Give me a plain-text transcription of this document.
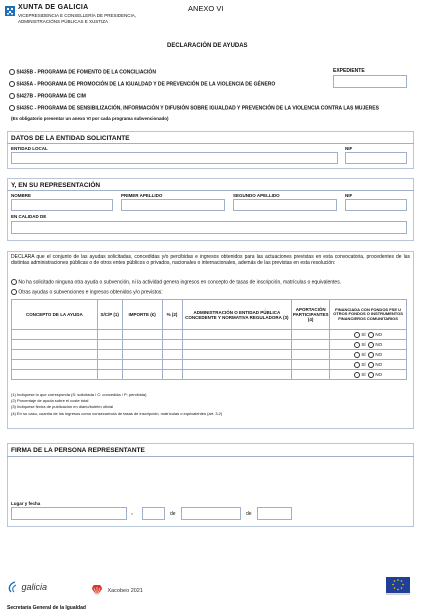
XUNTA DE GALICIA
VICEPRESIDENCIA E CONSELLERÍA DE PRESIDENCIA,
ADMINISTRACIÓNS PÚBLICAS E XUSTIZA
ANEXO VI
DECLARACIÓN DE AYUDAS
SI435B - PROGRAMA DE FOMENTO DE LA CONCILIACIÓN
SI435A - PROGRAMA DE PROMOCIÓN DE LA IGUALDAD Y DE PREVENCIÓN DE LA VIOLENCIA DE GÉNERO
SI427B - PROGRAMA DE CIM
SI435C - PROGRAMA DE SENSIBILIZACIÓN, INFORMACIÓN Y DIFUSIÓN SOBRE IGUALDAD Y PREVENCIÓN DE LA VIOLENCIA CONTRA LAS MUJERES
(Es obligatorio presentar un anexo VI por cada programa subvencionado)
EXPEDIENTE
DATOS DE LA ENTIDAD SOLICITANTE
ENTIDAD LOCAL	NIF
Y, EN SU REPRESENTACIÓN
NOMBRE	PRIMER APELLIDO	SEGUNDO APELLIDO	NIF
EN CALIDAD DE
DECLARA que el conjunto de las ayudas solicitadas, concedidas y/o percibidas e ingresos obtenidos para las actuaciones previstas en esta convocatoria, procedentes de las distintas administraciones públicas o de otros entes públicos o privados, nacionales o internacionales, además de las previstas en esta resolución:
No ha solicitado ninguna otra ayuda o subvención, ni la actividad genera ingresos en concepto de tasas de inscripción, matrículas o equivalentes.
Otras ayudas o subvenciones e ingresos obtenidos y/o previstos:
CONCEPTO DE LA AYUDA	S/C/P (1)	IMPORTE (€)	% (2)	ADMINISTRACIÓN O ENTIDAD PÚBLICA CONCEDENTE Y NORMATIVA REGULADORA (3)	APORTACIÓN PARTICIPANTES (4)	FINANCIADA CON FONDOS FSE U OTROS FONDOS O INSTRUMENTOS FINANCIEROS COMUNITARIOS
						SÍ NO
						SÍ NO
						SÍ NO
						SÍ NO
						SÍ NO
(1) Indíquese lo que corresponda (S: solicitada / C: concedida / P: percibida)
(2) Porcentaje de ayuda sobre el coste total
(3) Indíquese fecha de publicación en diario/boletín oficial
(4) En su caso, cuantía de los ingresos como consecuencia de tasas de inscripción, matrículas o equivalentes (art. 3.2)
FIRMA DE LA PERSONA REPRESENTANTE
Lugar y fecha
,	de	de
galicia	Xacobeo 2021
Secretaría General de la Igualdad
